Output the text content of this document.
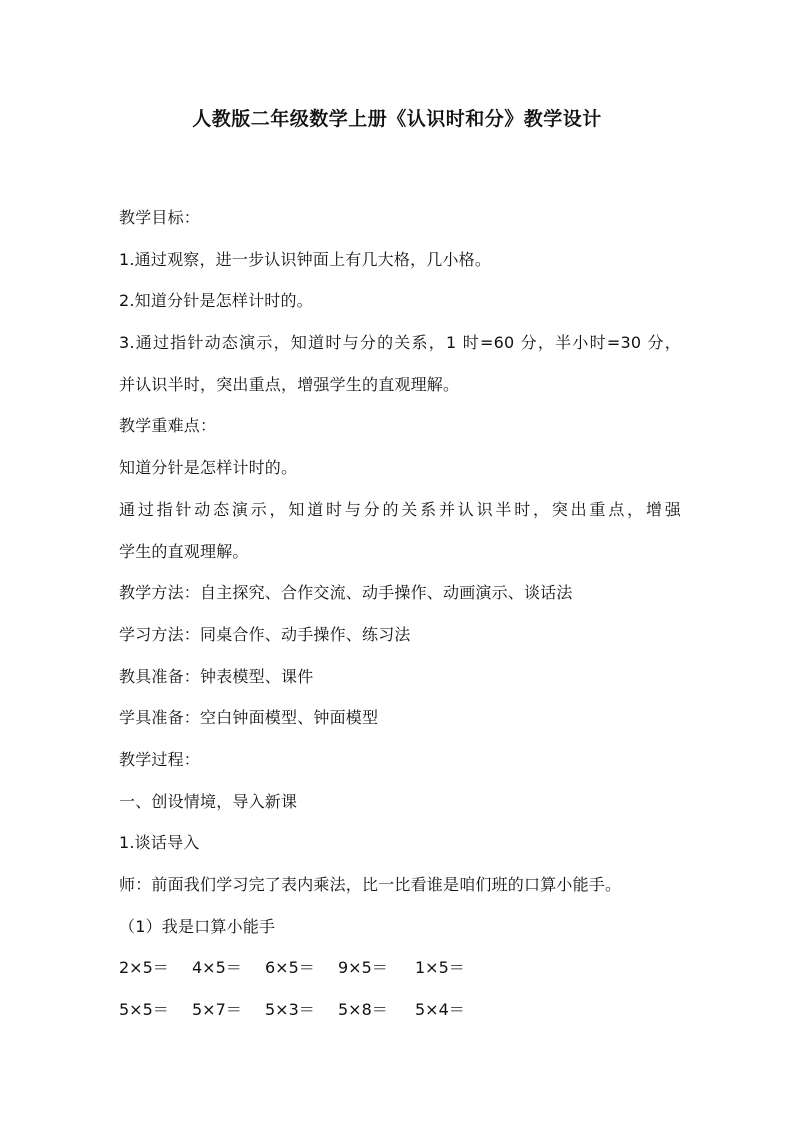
人教版二年级数学上册《认识时和分》教学设计
教学目标：
1.通过观察，进一步认识钟面上有几大格，几小格。
2.知道分针是怎样计时的。
3.通过指针动态演示，知道时与分的关系，1 时=60 分，半小时=30 分，
并认识半时，突出重点，增强学生的直观理解。
教学重难点：
知道分针是怎样计时的。
通过指针动态演示，知道时与分的关系并认识半时，突出重点，增强
学生的直观理解。
教学方法：自主探究、合作交流、动手操作、动画演示、谈话法
学习方法：同桌合作、动手操作、练习法
教具准备：钟表模型、课件
学具准备：空白钟面模型、钟面模型
教学过程：
一、创设情境，导入新课
1.谈话导入
师：前面我们学习完了表内乘法，比一比看谁是咱们班的口算小能手。
（1）我是口算小能手
2×5＝ 4×5＝ 6×5＝ 9×5＝ 1×5＝
5×5＝ 5×7＝ 5×3＝ 5×8＝ 5×4＝
